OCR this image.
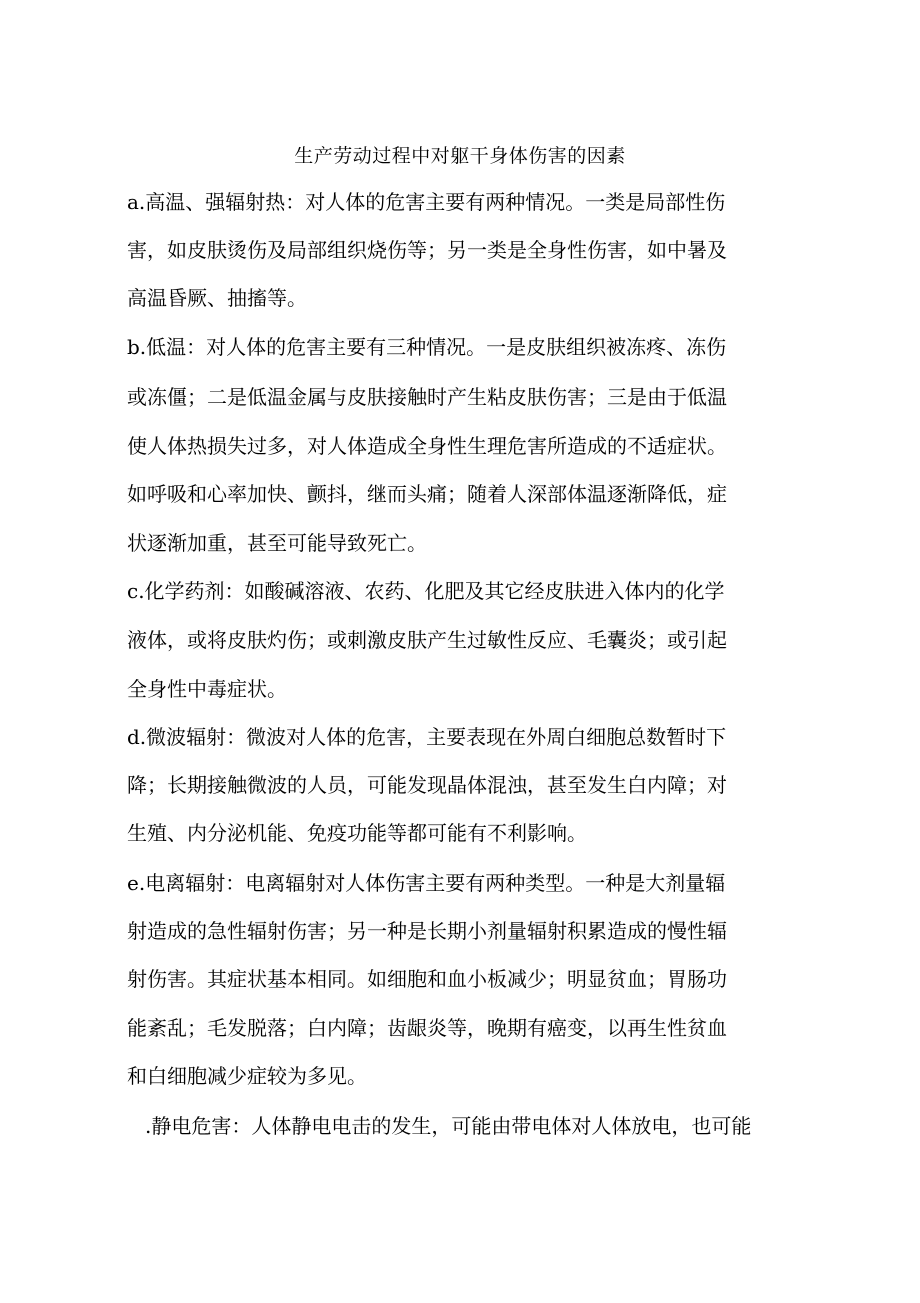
生产劳动过程中对躯干身体伤害的因素
a.高温、强辐射热：对人体的危害主要有两种情况。一类是局部性伤
害，如皮肤烫伤及局部组织烧伤等；另一类是全身性伤害，如中暑及
高温昏厥、抽搐等。
b.低温：对人体的危害主要有三种情况。一是皮肤组织被冻疼、冻伤
或冻僵；二是低温金属与皮肤接触时产生粘皮肤伤害；三是由于低温
使人体热损失过多，对人体造成全身性生理危害所造成的不适症状。
如呼吸和心率加快、颤抖，继而头痛；随着人深部体温逐渐降低，症
状逐渐加重，甚至可能导致死亡。
c.化学药剂：如酸碱溶液、农药、化肥及其它经皮肤进入体内的化学
液体，或将皮肤灼伤；或刺激皮肤产生过敏性反应、毛囊炎；或引起
全身性中毒症状。
d.微波辐射：微波对人体的危害，主要表现在外周白细胞总数暂时下
降；长期接触微波的人员，可能发现晶体混浊，甚至发生白内障；对
生殖、内分泌机能、免疫功能等都可能有不利影响。
e.电离辐射：电离辐射对人体伤害主要有两种类型。一种是大剂量辐
射造成的急性辐射伤害；另一种是长期小剂量辐射积累造成的慢性辐
射伤害。其症状基本相同。如细胞和血小板减少；明显贫血；胃肠功
能紊乱；毛发脱落；白内障；齿龈炎等，晚期有癌变，以再生性贫血
和白细胞减少症较为多见。
.静电危害：人体静电电击的发生，可能由带电体对人体放电，也可能
